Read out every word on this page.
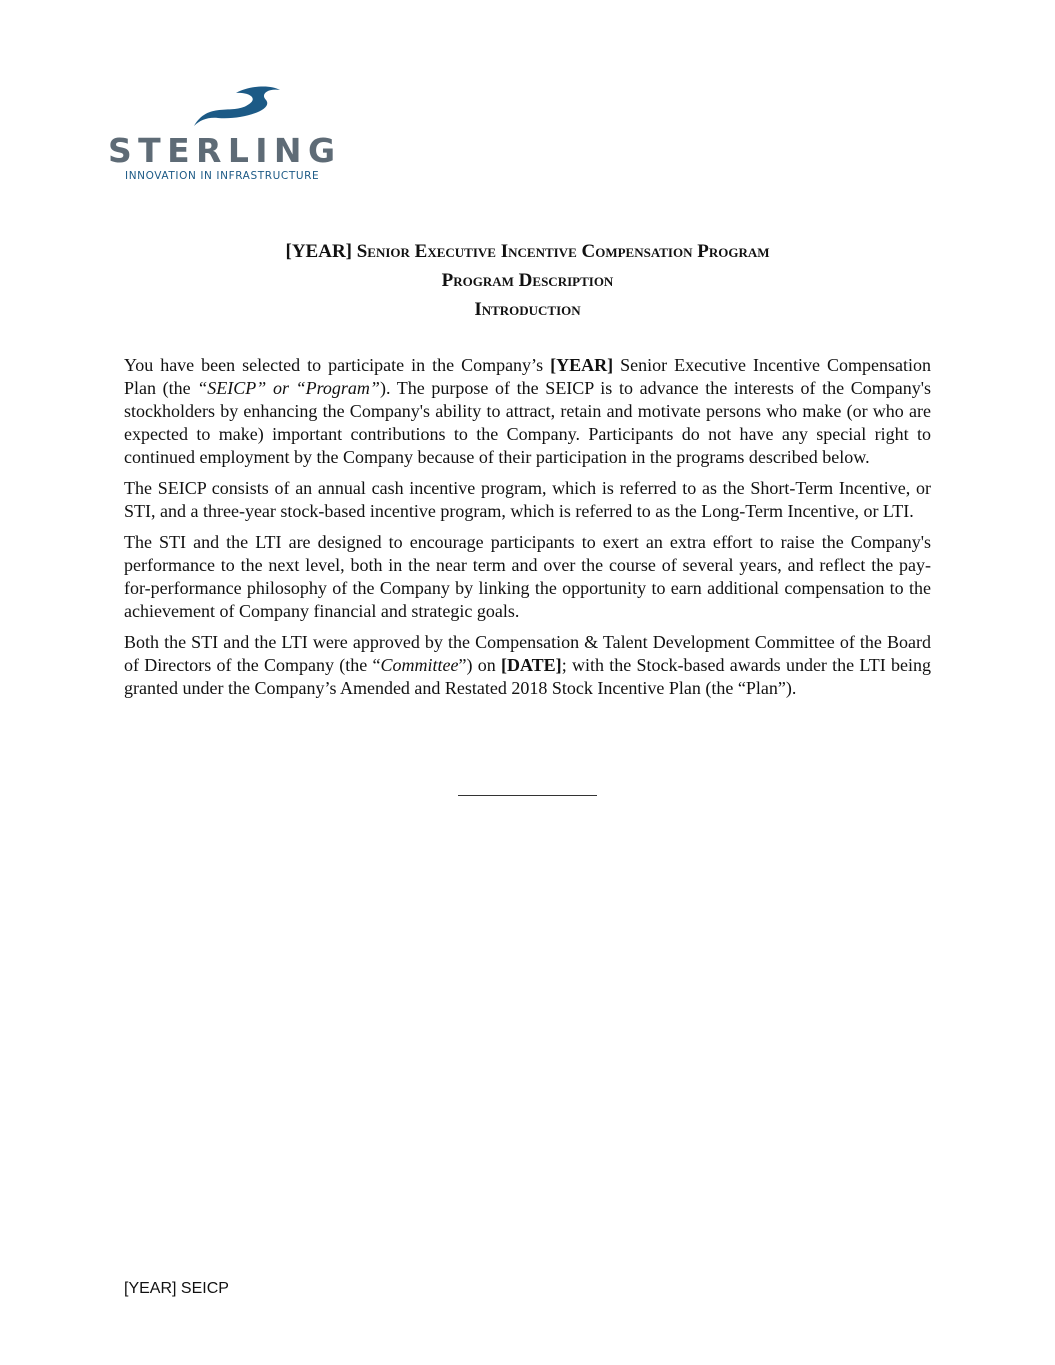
STERLING
INNOVATION IN INFRASTRUCTURE
[YEAR] Senior Executive Incentive Compensation Program
Program Description
Introduction

You have been selected to participate in the Company’s [YEAR] Senior Executive Incentive Compensation Plan (the “SEICP” or “Program”). The purpose of the SEICP is to advance the interests of the Company's stockholders by enhancing the Company's ability to attract, retain and motivate persons who make (or who are expected to make) important contributions to the Company. Participants do not have any special right to continued employment by the Company because of their participation in the programs described below.

The SEICP consists of an annual cash incentive program, which is referred to as the Short-Term Incentive, or STI, and a three-year stock-based incentive program, which is referred to as the Long-Term Incentive, or LTI.

The STI and the LTI are designed to encourage participants to exert an extra effort to raise the Company's performance to the next level, both in the near term and over the course of several years, and reflect the pay-for-performance philosophy of the Company by linking the opportunity to earn additional compensation to the achievement of Company financial and strategic goals.

Both the STI and the LTI were approved by the Compensation & Talent Development Committee of the Board of Directors of the Company (the “Committee”) on [DATE]; with the Stock-based awards under the LTI being granted under the Company’s Amended and Restated 2018 Stock Incentive Plan (the “Plan”).

[YEAR] SEICP
